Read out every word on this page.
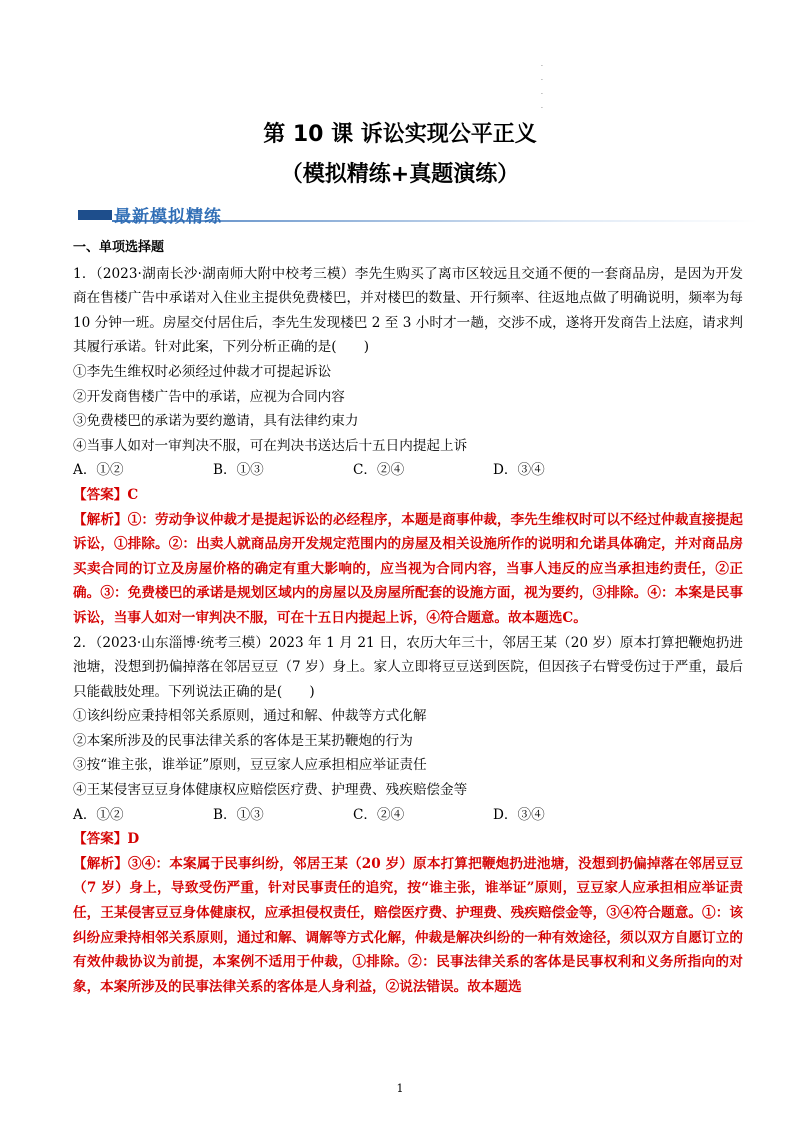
.
.
.
.
第 10 课 诉讼实现公平正义
（模拟精练+真题演练）
最新模拟精练
一、单项选择题

1．（2023·湖南长沙·湖南师大附中校考三模）李先生购买了离市区较远且交通不便的一套商品房，是因为开发商在售楼广告中承诺对入住业主提供免费楼巴，并对楼巴的数量、开行频率、往返地点做了明确说明，频率为每 10 分钟一班。房屋交付居住后，李先生发现楼巴 2 至 3 小时才一趟，交涉不成，遂将开发商告上法庭，请求判其履行承诺。针对此案，下列分析正确的是(　　)

①李先生维权时必须经过仲裁才可提起诉讼

②开发商售楼广告中的承诺，应视为合同内容

③免费楼巴的承诺为要约邀请，具有法律约束力

④当事人如对一审判决不服，可在判决书送达后十五日内提起上诉

A．①②	B．①③	C．②④	D．③④

【答案】C

【解析】①：劳动争议仲裁才是提起诉讼的必经程序，本题是商事仲裁，李先生维权时可以不经过仲裁直接提起诉讼，①排除。②：出卖人就商品房开发规定范围内的房屋及相关设施所作的说明和允诺具体确定，并对商品房买卖合同的订立及房屋价格的确定有重大影响的，应当视为合同内容，当事人违反的应当承担违约责任，②正确。③：免费楼巴的承诺是规划区域内的房屋以及房屋所配套的设施方面，视为要约，③排除。④：本案是民事诉讼，当事人如对一审判决不服，可在十五日内提起上诉，④符合题意。故本题选C。

2．（2023·山东淄博·统考三模）2023 年 1 月 21 日，农历大年三十，邻居王某（20 岁）原本打算把鞭炮扔进池塘，没想到扔偏掉落在邻居豆豆（7 岁）身上。家人立即将豆豆送到医院，但因孩子右臂受伤过于严重，最后只能截肢处理。下列说法正确的是(　　)

①该纠纷应秉持相邻关系原则，通过和解、仲裁等方式化解

②本案所涉及的民事法律关系的客体是王某扔鞭炮的行为

③按“谁主张，谁举证”原则，豆豆家人应承担相应举证责任

④王某侵害豆豆身体健康权应赔偿医疗费、护理费、残疾赔偿金等

A．①②	B．①③	C．②④	D．③④

【答案】D

【解析】③④：本案属于民事纠纷，邻居王某（20 岁）原本打算把鞭炮扔进池塘，没想到扔偏掉落在邻居豆豆（7 岁）身上，导致受伤严重，针对民事责任的追究，按“谁主张，谁举证”原则，豆豆家人应承担相应举证责任，王某侵害豆豆身体健康权，应承担侵权责任，赔偿医疗费、护理费、残疾赔偿金等，③④符合题意。①：该纠纷应秉持相邻关系原则，通过和解、调解等方式化解，仲裁是解决纠纷的一种有效途径，须以双方自愿订立的有效仲裁协议为前提，本案例不适用于仲裁，①排除。②：民事法律关系的客体是民事权利和义务所指向的对象，本案所涉及的民事法律关系的客体是人身利益，②说法错误。故本题选

1
